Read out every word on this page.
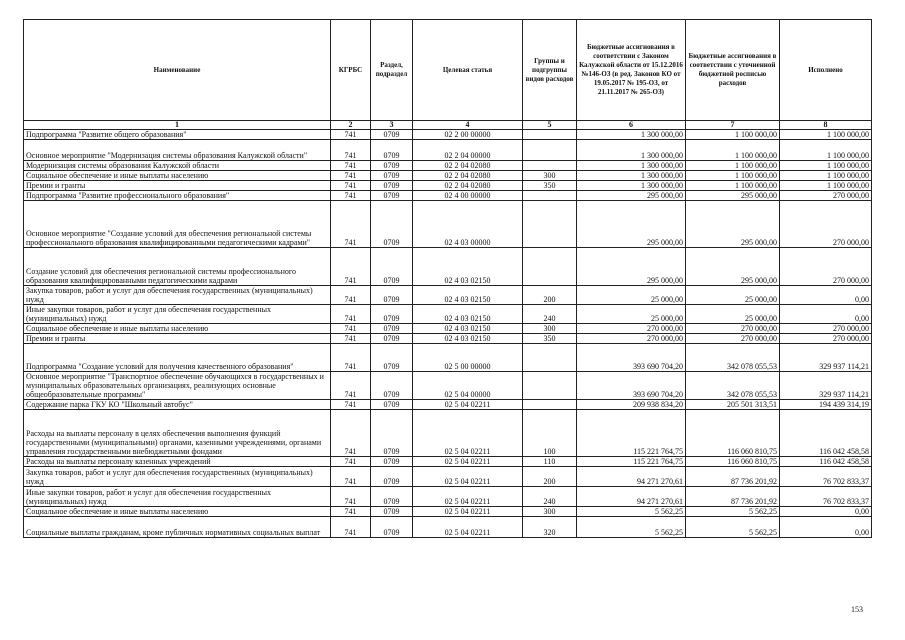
Наименование	КГРБС	Раздел, подраздел	Целевая статья	Группы и подгруппы видов расходов	Бюджетные ассигнования в соответствии с Законом Калужской области от 15.12.2016 №146-ОЗ (в ред. Законов КО от 19.05.2017 № 195-ОЗ, от 21.11.2017 № 265-ОЗ)	Бюджетные ассигнования в соответствии с уточненной бюджетной росписью расходов	Исполнено
1	2	3	4	5	6	7	8
Подпрограмма "Развитие общего образования"	741	0709	02 2 00 00000		1 300 000,00	1 100 000,00	1 100 000,00
Основное мероприятие "Модернизация системы образования Калужской области"	741	0709	02 2 04 00000		1 300 000,00	1 100 000,00	1 100 000,00
Модернизация системы образования Калужской области	741	0709	02 2 04 02080		1 300 000,00	1 100 000,00	1 100 000,00
Социальное обеспечение и иные выплаты населению	741	0709	02 2 04 02080	300	1 300 000,00	1 100 000,00	1 100 000,00
Премии и гранты	741	0709	02 2 04 02080	350	1 300 000,00	1 100 000,00	1 100 000,00
Подпрограмма "Развитие профессионального образования"	741	0709	02 4 00 00000		295 000,00	295 000,00	270 000,00
Основное мероприятие "Создание условий для обеспечения региональной системы профессионального образования квалифицированными педагогическими кадрами"	741	0709	02 4 03 00000		295 000,00	295 000,00	270 000,00
Создание условий для обеспечения региональной системы профессионального образования квалифицированными педагогическими кадрами	741	0709	02 4 03 02150		295 000,00	295 000,00	270 000,00
Закупка товаров, работ и услуг для обеспечения государственных (муниципальных) нужд	741	0709	02 4 03 02150	200	25 000,00	25 000,00	0,00
Иные закупки товаров, работ и услуг для обеспечения государственных (муниципальных) нужд	741	0709	02 4 03 02150	240	25 000,00	25 000,00	0,00
Социальное обеспечение и иные выплаты населению	741	0709	02 4 03 02150	300	270 000,00	270 000,00	270 000,00
Премии и гранты	741	0709	02 4 03 02150	350	270 000,00	270 000,00	270 000,00
Подпрограмма "Создание условий для получения качественного образования"	741	0709	02 5 00 00000		393 690 704,20	342 078 055,53	329 937 114,21
Основное мероприятие "Транспортное обеспечение обучающихся в государственных и муниципальных образовательных организациях, реализующих основные общеобразовательные программы"	741	0709	02 5 04 00000		393 690 704,20	342 078 055,53	329 937 114,21
Содержание парка ГКУ КО "Школьный автобус"	741	0709	02 5 04 02211		209 938 834,20	205 501 313,51	194 439 314,19
Расходы на выплаты персоналу в целях обеспечения выполнения функций государственными (муниципальными) органами, казенными учреждениями, органами управления государственными внебюджетными фондами	741	0709	02 5 04 02211	100	115 221 764,75	116 060 810,75	116 042 458,58
Расходы на выплаты персоналу казенных учреждений	741	0709	02 5 04 02211	110	115 221 764,75	116 060 810,75	116 042 458,58
Закупка товаров, работ и услуг для обеспечения государственных (муниципальных) нужд	741	0709	02 5 04 02211	200	94 271 270,61	87 736 201,92	76 702 833,37
Иные закупки товаров, работ и услуг для обеспечения государственных (муниципальных) нужд	741	0709	02 5 04 02211	240	94 271 270,61	87 736 201,92	76 702 833,37
Социальное обеспечение и иные выплаты населению	741	0709	02 5 04 02211	300	5 562,25	5 562,25	0,00
Социальные выплаты гражданам, кроме публичных нормативных социальных выплат	741	0709	02 5 04 02211	320	5 562,25	5 562,25	0,00
153
